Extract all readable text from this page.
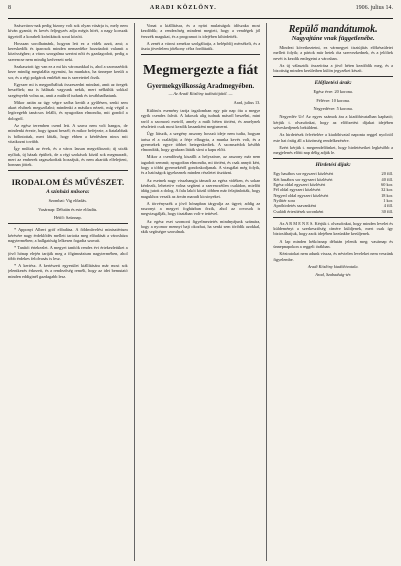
8	ARADI KÖZLÖNY.	1906. julius 14.

Szászváros-nak pedig bizony volt sok olyan vásárja is, mely nem kíván gyanút; és kevés feljegyzés adja mégis hírét, a nagy korszak ügyeiről a korabeli krónikások sorai között.

Hosszan sorolhatnánk, hogyan lett ez a vidék azzá, ami; a kereskedők és iparosok minden nemzedéke hozzáadott valamit a közösséghez; a város szorgalma szerint nőtt és gazdagodott, pedig a szerencse nem mindig kedvezett neki.

Szakasztott így van ez a mi kis városunkkal is, ahol a szomszédok keze mindig megtalálta egymást, ha munkára, ha ünnepre került a sor, és a régi polgárok emlékét ma is szeretettel őrzik.

Egyszer mi is megpróbáltuk összeszedni mindazt, amit az öregek beszéltek; ma is hálásak vagyunk nekik, mert nélkülük sokkal szegényebb volna az, amit a múltról tudunk és továbbadhatunk.

Mikor aztán az ügy végre szóba került a gyűlésen, senki sem akart elsőnek megszólalni; mindenki a másikra nézett, míg végül a legöregebb tanácsos felállt, és nyugodtan elmondta, mit gondol a dologról.

Az egész teremben csend lett. A szava nem volt hangos, de mindenki érezte, hogy igazat beszél; és mikor befejezte, a fiatalabbak is bólintottak, mert látták, hogy ebben a kérdésben nincs mit vitatkozni tovább.

Így múltak az évek, és a város lassan megváltozott; új utcák nyíltak, új házak épültek, de a régi szokások közül sok megmaradt, mert az emberek ragaszkodtak hozzájuk, és nem akarták elfelejteni, honnan jöttek.

IRODALOM ÉS MŰVÉSZET.
A színházi műsora:
Szombat: Vig előadás.
Vasárnap: Délután és este előadás.
Hétfő: Szünnap.

* Apponyi Albert gróf előadása. A földművelési minisztérium kérésére nagy érdeklődés mellett tartotta meg előadását a városháza nagytermében; a hallgatóság lelkesen fogadta szavait.

* Tanítói értekezlet. A megyei tanítók rendes évi értekezletüket a jövő hónap elején tartják meg a főgimnázium nagytermében, ahol több érdekes felolvasás is lesz.

* A kertész. A kertészeti egyesület kiállítására már most sok jelentkezés érkezett, és a rendezőség reméli, hogy az idei bemutató minden eddiginél gazdagabb lesz.

Vonat a kiállításra, és a nyári mulatságok időszaka most kezdődik; a rendezőség mindent megtett, hogy a vendégek jól érezzék magukat, és a programot is idejében kihirdették.

A zenét a városi zenekar szolgáltatja, a belépődíj mérsékelt, és a tiszta jövedelem jótékony célra fordíttatik.

Megmergezte a fiát
Gyermekgyilkosság Aradmegyében.
— Az Aradi Közlöny tudósítójától. —
Arad, julius 13.

Különös esemény tartja izgalomban egy pár nap óta a megye egyik csendes falvát. A lakosok alig tudnak másról beszélni, mint arról a szomorú esetről, amely a múlt héten történt, és amelynek részleteit csak most kezdik lassanként megismerni.

Úgy látszik, a szegény asszony hosszú ideje nem tudta, hogyan tartsa el a családját; a férje elhagyta, a munka kevés volt, és a gyermekek egyre többet betegeskedtek. A szomszédok később elmondták, hogy gyakran látták sírni a kapu előtt.

Mikor a csendőrség kiszállt a helyszínre, az asszony már nem tagadott semmit; nyugodtan elmondta, mi történt, és csak annyit kért, hogy a többi gyermekéről gondoskodjanak. A vizsgálat még folyik, és a hatóságok igyekeznek minden részletet tisztázni.

Az esetnek nagy visszhangja támadt az egész vidéken, és sokan kérdezik, lehetett-e volna segíteni a szerencsétlen családon, mielőtt idáig jutott a dolog. A falu lakói közül többen már felajánlották, hogy magukhoz veszik az árván maradt kicsinyeket.

A törvényszék a jövő hónapban tárgyalja az ügyet; addig az asszonyt a megyei fogházban őrzik, ahol az orvosok is megvizsgálják, hogy tisztában volt-e tettével.

Az egész eset szomorú figyelmeztetés mindnyájunk számára, hogy a nyomor mennyi bajt okozhat, ha senki sem törődik azokkal, akik segítségre szorulnak.

Repülő mandátumok.
Nagyajtáne vnak függetlenébe.

Mindezt következtetni, ez vármegyei tisztújítás előkészületei mellett folyik; a pártok már hetek óta szervezkednek, és a jelöltek nevét is kezdik emlegetni a városban.

Az új választók összeírása a jövő héten kezdődik meg, és a bizottság minden kerületben külön jegyzéket készít.

Előfizetési árak:
Egész évre: 20 korona.
Félévre: 10 korona.
Negyedévre: 5 korona.

Negyedév Ur! Az egyes számok ára a kiadóhivatalban kapható; kérjük t. olvasóinkat, hogy az előfizetési díjakat idejében szíveskedjenek beküldeni.

Az hirdetések felvételére a kiadóhivatal naponta reggel nyolctól este hat óráig áll a közönség rendelkezésére.

Ezért kérjük t. megrendelőinket, hogy hirdetéseiket legkésőbb a megjelenés előtti nap délig adják le.

Hirdetési díjak:
Egy hasábos sor egyszeri közlésért	20 fill.
Két hasábos sor egyszeri közlésért	40 fill.
Egész oldal egyszeri közlésért	60 kor.
Fél oldal egyszeri közlésért	32 kor.
Negyed oldal egyszeri közlésért	18 kor.
Nyilttér sora	1 kor.
Apróhirdetés szavanként	4 fill.
Családi értesítések soronként	30 fill.

Az A R M E N E S. Kérjük t. olvasóinkat, hogy minden levelet és küldeményt a szerkesztőség címére küldjenek, mert csak így biztosíthatjuk, hogy azok idejében kezünkbe kerüljenek.

A lap minden hétköznap délután jelenik meg; vasárnap és ünnepnapokon a reggeli órákban.

Kéziratokat nem adunk vissza, és névtelen leveleket nem veszünk figyelembe.

Aradi Közlöny kiadóhivatala.
Arad, Szabadság-tér.
